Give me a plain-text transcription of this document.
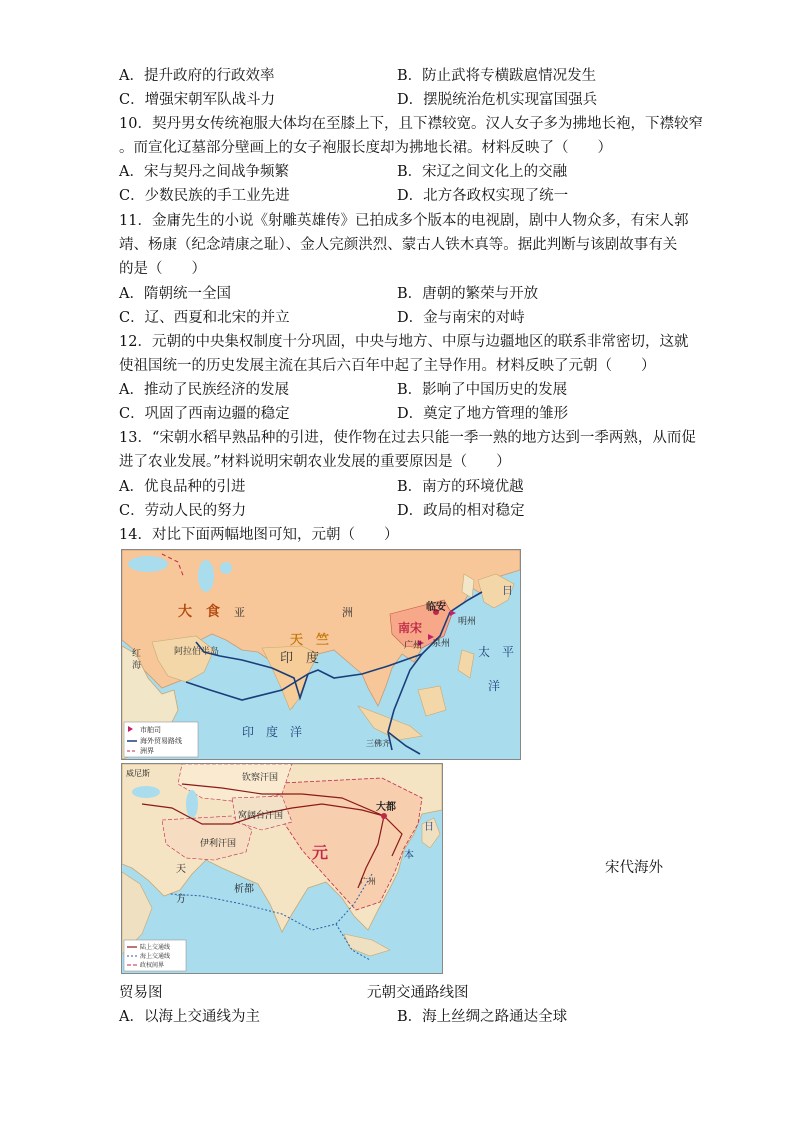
A．提升政府的行政效率	B．防止武将专横跋扈情况发生
C．增强宋朝军队战斗力	D．摆脱统治危机实现富国强兵
10．契丹男女传统袍服大体均在至膝上下，且下襟较宽。汉人女子多为拂地长袍，下襟较窄
。而宣化辽墓部分壁画上的女子袍服长度却为拂地长裙。材料反映了（　　）
A．宋与契丹之间战争频繁	B．宋辽之间文化上的交融
C．少数民族的手工业先进	D．北方各政权实现了统一
11．金庸先生的小说《射雕英雄传》已拍成多个版本的电视剧，剧中人物众多，有宋人郭
靖、杨康（纪念靖康之耻）、金人完颜洪烈、蒙古人铁木真等。据此判断与该剧故事有关
的是（　　）
A．隋朝统一全国	B．唐朝的繁荣与开放
C．辽、西夏和北宋的并立	D．金与南宋的对峙
12．元朝的中央集权制度十分巩固，中央与地方、中原与边疆地区的联系非常密切，这就
使祖国统一的历史发展主流在其后六百年中起了主导作用。材料反映了元朝（　　）
A．推动了民族经济的发展	B．影响了中国历史的发展
C．巩固了西南边疆的稳定	D．奠定了地方管理的雏形
13．“宋朝水稻早熟品种的引进，使作物在过去只能一季一熟的地方达到一季两熟，从而促
进了农业发展。”材料说明宋朝农业发展的重要原因是（　　）
A．优良品种的引进	B．南方的环境优越
C．劳动人民的努力	D．政局的相对稳定
14．对比下面两幅地图可知，元朝（　　）
大　食 亚	洲
天　竺
印　度
阿拉伯半岛
红
海
印　度　洋
临安
南宋	明州
广州 泉州
太　平
洋
日
三佛齐
市舶司
海外贸易路线
洲界
钦察汗国
威尼斯
窝阔台汗国
伊利汗国	元
大都
天
方
析都
日
本
广州
陆上交通线
海上交通线
政权间界
宋代海外
贸易图	元朝交通路线图
A．以海上交通线为主	B．海上丝绸之路通达全球
